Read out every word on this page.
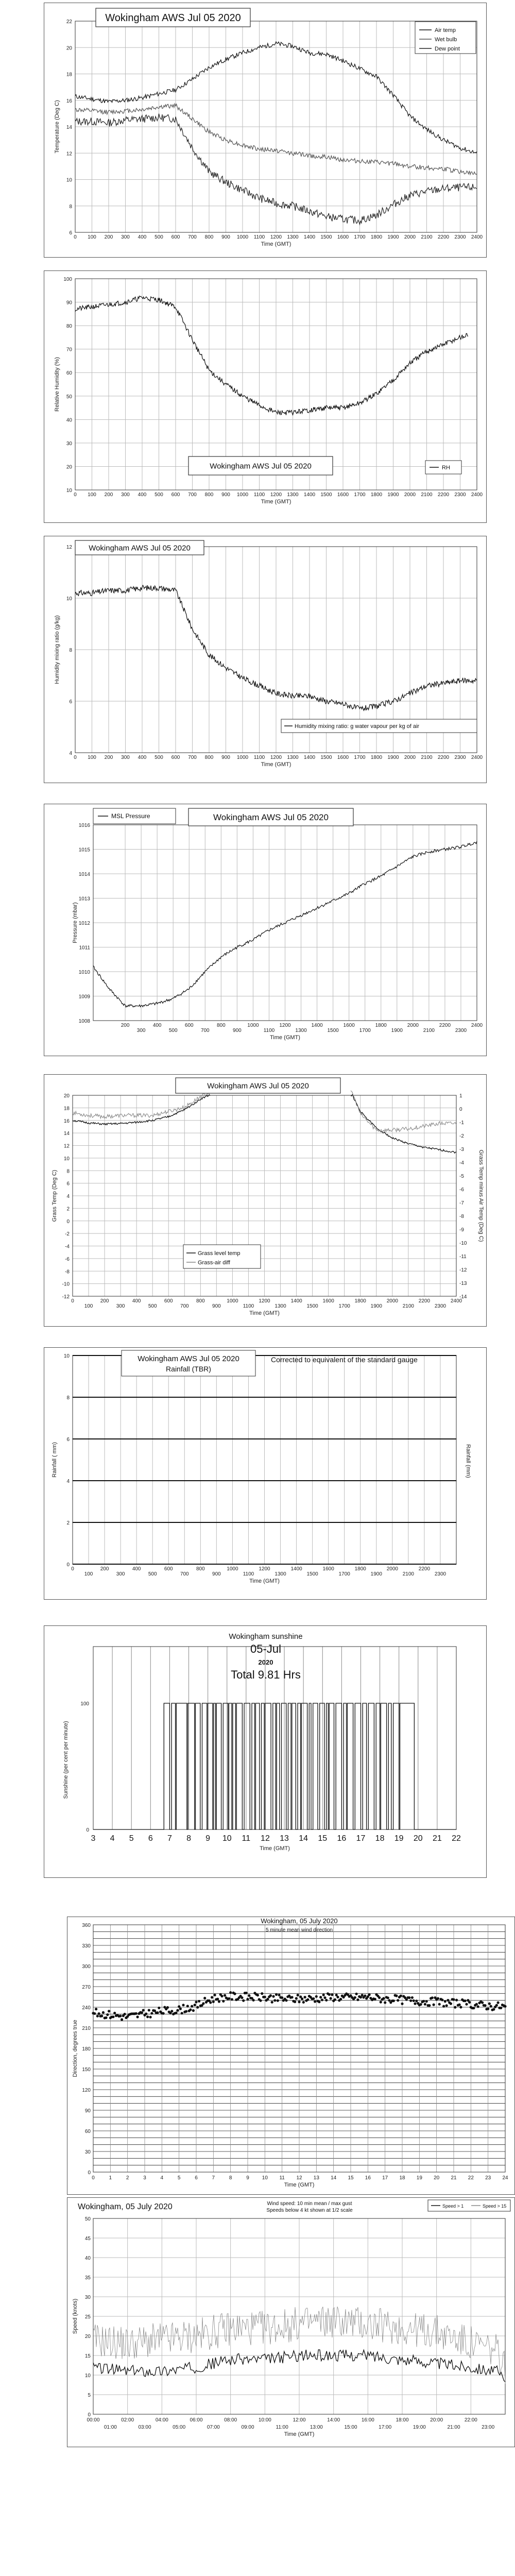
6
8
10
12
14
16
18
20
22
0 100 200 300 400 500 600 700 800 900 1000 1100 1200 1300 1400 1500 1600 1700 1800 1900 2000 2100 2200 2300 2400
Time (GMT)
Temperature (Deg C)
Wokingham AWS Jul 05 2020
Air temp
Wet bulb
Dew point
10
20
30
40
50
60
70
80
90
100
0 100 200 300 400 500 600 700 800 900 1000 1100 1200 1300 1400 1500 1600 1700 1800 1900 2000 2100 2200 2300 2400
Time (GMT)
Relative Humidity (%)
Wokingham AWS Jul 05 2020	RH
4
6
8
10
12
0 100 200 300 400 500 600 700 800 900 1000 1100 1200 1300 1400 1500 1600 1700 1800 1900 2000 2100 2200 2300 2400
Time (GMT)
Humidity mixing ratio (g/kg)
Wokingham AWS Jul 05 2020
Humidity mixing ratio: g water vapour per kg of air
1008
1009
1010
1011
1012
1013
1014
1015
1016
200
300
400
500
600
700
800
900
1000
1100
1200
1300
1400
1500
1600
1700
1800
1900
2000
2100
2200
2300
2400
Time (GMT)
Pressure (mbar)
Wokingham AWS Jul 05 2020
MSL Pressure
-12
-10
-8
-6
-4
-2
0
2
4
6
8
10
12
14
16
18
20
0
100
200
300
400
500
600
700
800
900
1000
1100
1200
1300
1400
1500
1600
1700
1800
1900
2000
2100
2200
2300
2400
Time (GMT)
Grass Temp (Deg C)
1
0
-1
-2
-3
-4
-5
-6
-7
-8
-9
-10
-11
-12
-13
-14
Grass Temp minus Air Temp (Deg C)
Wokingham AWS Jul 05 2020
Grass level temp
Grass-air diff
0
2
4
6
8
10
0
100
200
300
400
500
600
700
800
900
1000
1100
1200
1300
1400
1500
1600
1700
1800
1900
2000
2100
2200
2300
Time (GMT)
Rainfall ( mm)	Rainfall (mm)
Wokingham AWS Jul 05 2020
Rainfall (TBR)
Corrected to equivalent of the standard gauge
3 4 5 6 7 8 9 10 11 12 13 14 15 16 17 18 19 20 21 22
100
0
Time (GMT)
Sunshine (per cent per minute)
Wokingham sunshine
05-Jul
2020
Total 9.81 Hrs
0
30
60
90
120
150
180
210
240
270
300
330
360
0	1	2	3	4	5	6	7	8	9 10 11 12 13 14 15 16 17 18 19 20 21 22 23 24
Time (GMT)
Direction, degrees true
Wokingham, 05 July 2020
5 minute mean wind direction
0
5
10
15
20
25
30
35
40
45
50
00:00	02:00	04:00	06:00	08:00	10:00	12:00	14:00	16:00	18:00	20:00	22:00
01:00	03:00	05:00	07:00	09:00	11:00	13:00	15:00	17:00	19:00	21:00	23:00
Time (GMT)
Speed (knots)
Wokingham, 05 July 2020	Wind speed: 10 min mean / max gust
Speeds below 4 kt shown at 1/2 scale
Speed > 1	Speed > 15
